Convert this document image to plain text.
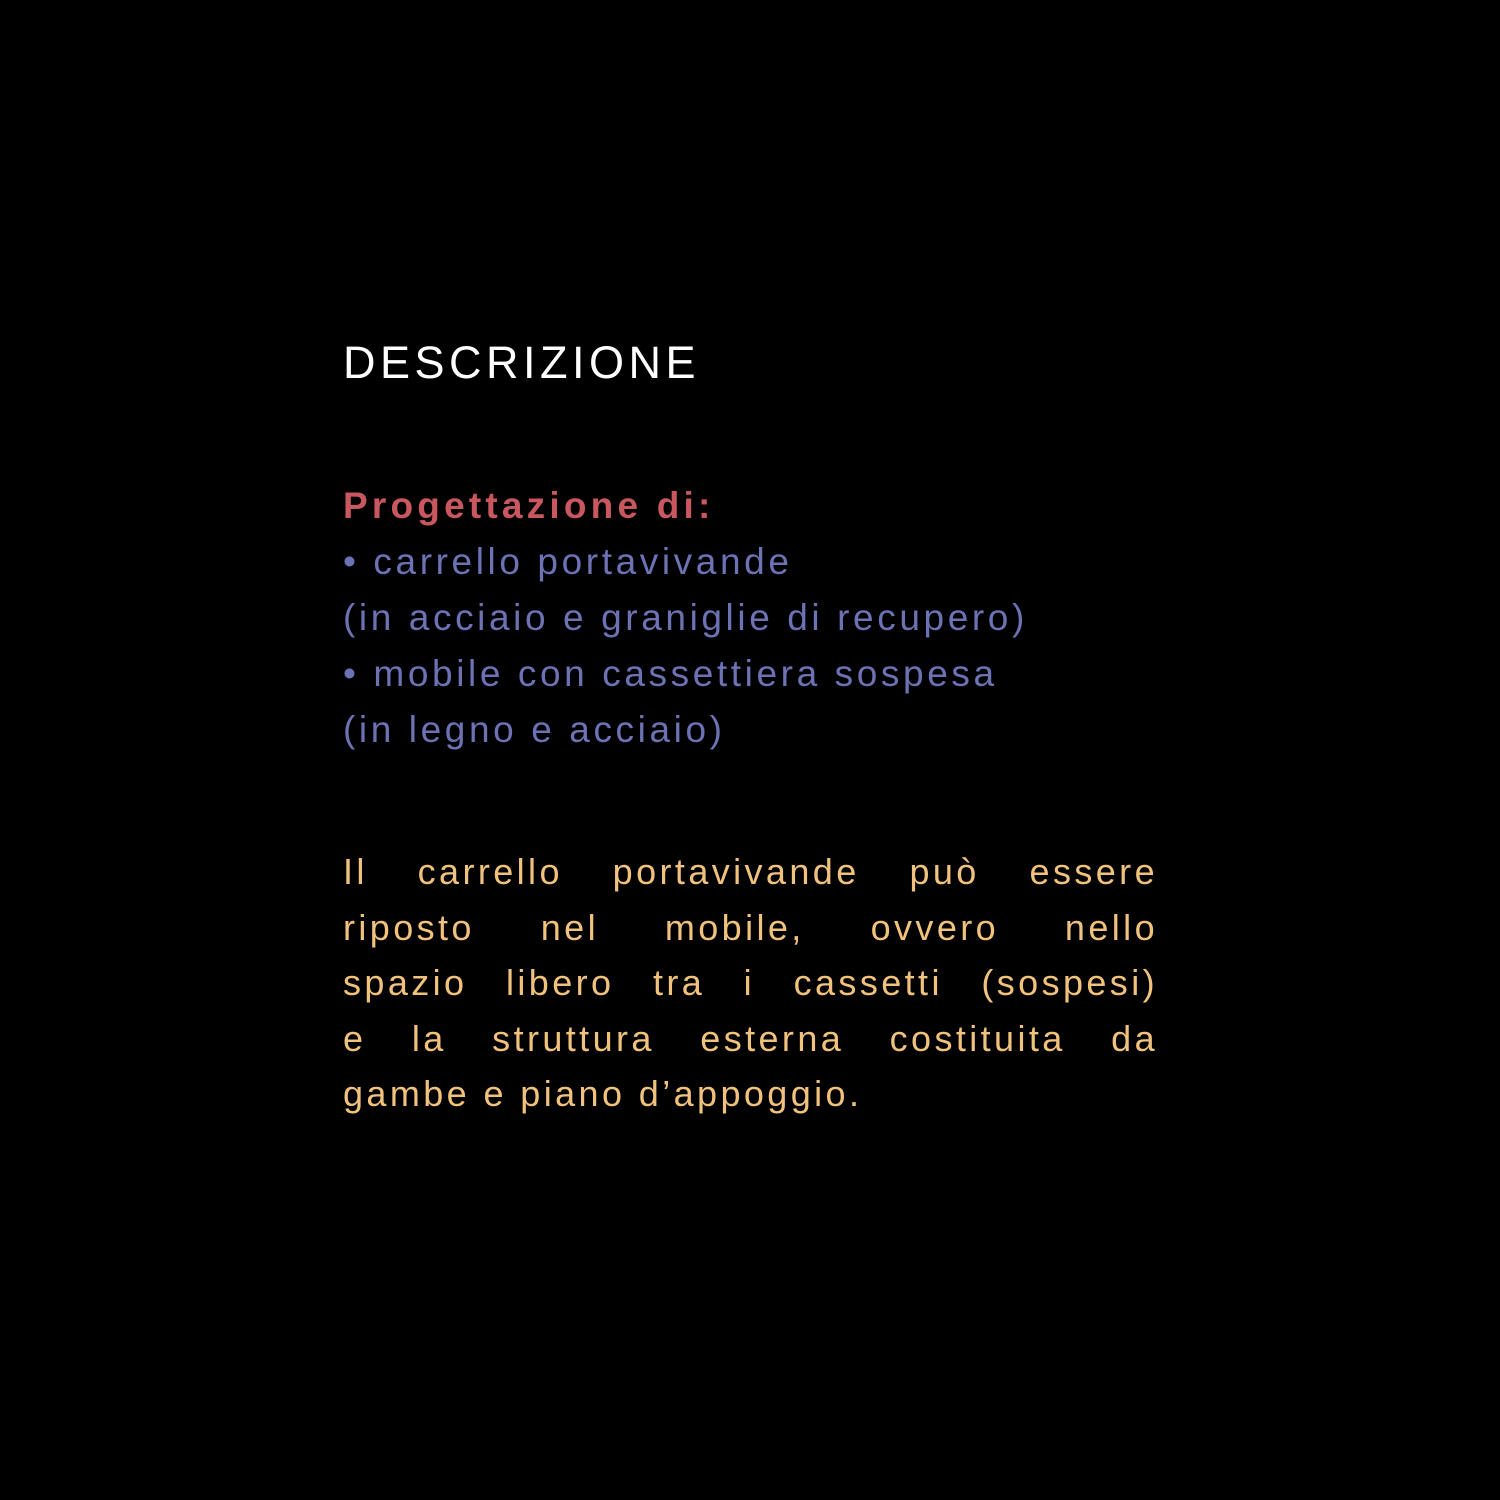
DESCRIZIONE
Progettazione di:
• carrello portavivande
(in acciaio e graniglie di recupero)
• mobile con cassettiera sospesa
(in legno e acciaio)
Il carrello portavivande può essere
riposto nel mobile, ovvero nello
spazio libero tra i cassetti (sospesi)
e la struttura esterna costituita da
gambe e piano d’appoggio.
